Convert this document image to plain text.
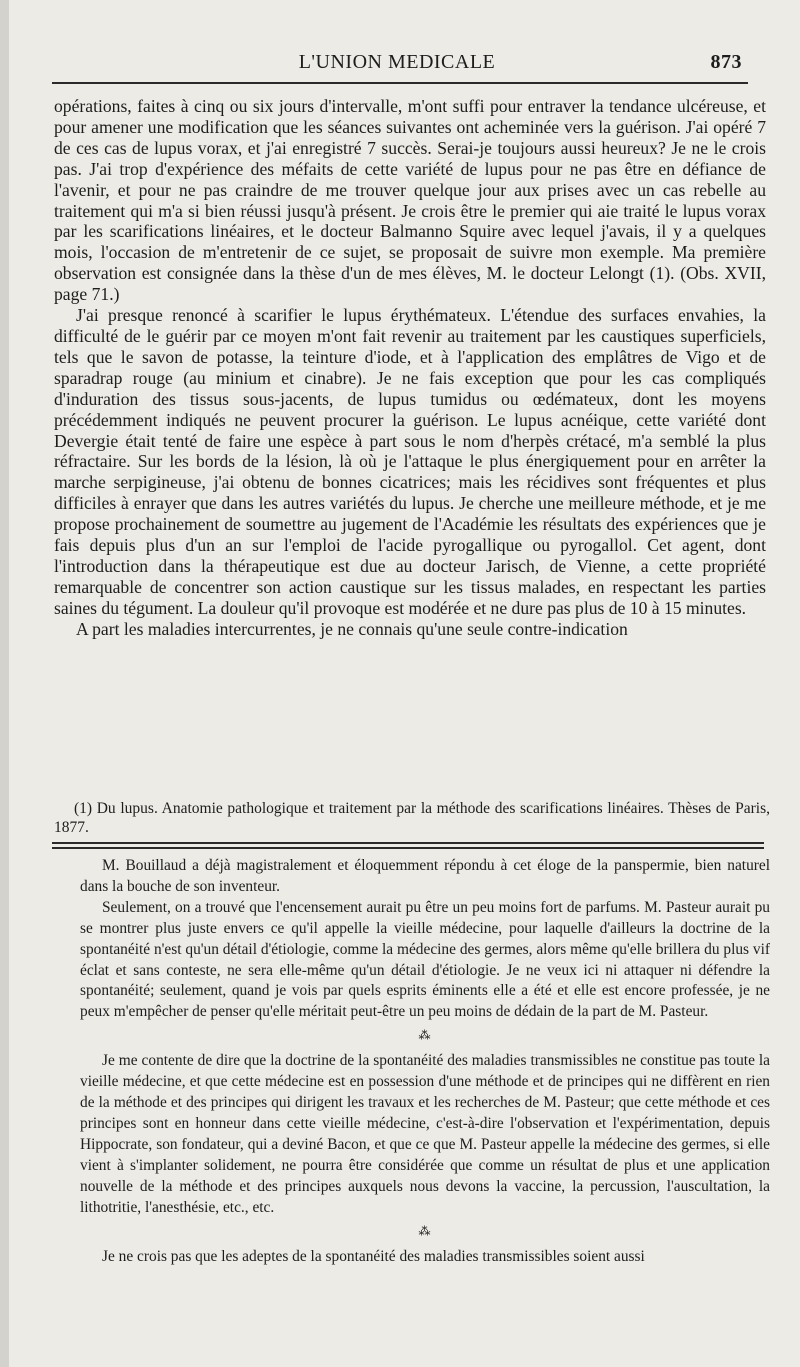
L'UNION MEDICALE	873

opérations, faites à cinq ou six jours d'intervalle, m'ont suffi pour entraver la tendance ulcéreuse, et pour amener une modification que les séances suivantes ont acheminée vers la guérison. J'ai opéré 7 de ces cas de lupus vorax, et j'ai enregistré 7 succès. Serai-je toujours aussi heureux? Je ne le crois pas. J'ai trop d'expérience des méfaits de cette variété de lupus pour ne pas être en défiance de l'avenir, et pour ne pas craindre de me trouver quelque jour aux prises avec un cas rebelle au traitement qui m'a si bien réussi jusqu'à présent. Je crois être le premier qui aie traité le lupus vorax par les scarifications linéaires, et le docteur Balmanno Squire avec lequel j'avais, il y a quelques mois, l'occasion de m'entretenir de ce sujet, se proposait de suivre mon exemple. Ma première observation est consignée dans la thèse d'un de mes élèves, M. le docteur Lelongt (1). (Obs. XVII, page 71.)

J'ai presque renoncé à scarifier le lupus érythémateux. L'étendue des surfaces envahies, la difficulté de le guérir par ce moyen m'ont fait revenir au traitement par les caustiques superficiels, tels que le savon de potasse, la teinture d'iode, et à l'application des emplâtres de Vigo et de sparadrap rouge (au minium et cinabre). Je ne fais exception que pour les cas compliqués d'induration des tissus sous-jacents, de lupus tumidus ou œdémateux, dont les moyens précédemment indiqués ne peuvent procurer la guérison. Le lupus acnéique, cette variété dont Devergie était tenté de faire une espèce à part sous le nom d'herpès crétacé, m'a semblé la plus réfractaire. Sur les bords de la lésion, là où je l'attaque le plus énergiquement pour en arrêter la marche serpigineuse, j'ai obtenu de bonnes cicatrices; mais les récidives sont fréquentes et plus difficiles à enrayer que dans les autres variétés du lupus. Je cherche une meilleure méthode, et je me propose prochainement de soumettre au jugement de l'Académie les résultats des expériences que je fais depuis plus d'un an sur l'emploi de l'acide pyrogallique ou pyrogallol. Cet agent, dont l'introduction dans la thérapeutique est due au docteur Jarisch, de Vienne, a cette propriété remarquable de concentrer son action caustique sur les tissus malades, en respectant les parties saines du tégument. La douleur qu'il provoque est modérée et ne dure pas plus de 10 à 15 minutes.

A part les maladies intercurrentes, je ne connais qu'une seule contre-indication

(1) Du lupus. Anatomie pathologique et traitement par la méthode des scarifications linéaires. Thèses de Paris, 1877.

M. Bouillaud a déjà magistralement et éloquemment répondu à cet éloge de la panspermie, bien naturel dans la bouche de son inventeur.

Seulement, on a trouvé que l'encensement aurait pu être un peu moins fort de parfums. M. Pasteur aurait pu se montrer plus juste envers ce qu'il appelle la vieille médecine, pour laquelle d'ailleurs la doctrine de la spontanéité n'est qu'un détail d'étiologie, comme la médecine des germes, alors même qu'elle brillera du plus vif éclat et sans conteste, ne sera elle-même qu'un détail d'étiologie. Je ne veux ici ni attaquer ni défendre la spontanéité; seulement, quand je vois par quels esprits éminents elle a été et elle est encore professée, je ne peux m'empêcher de penser qu'elle méritait peut-être un peu moins de dédain de la part de M. Pasteur.

⁂

Je me contente de dire que la doctrine de la spontanéité des maladies transmissibles ne constitue pas toute la vieille médecine, et que cette médecine est en possession d'une méthode et de principes qui ne diffèrent en rien de la méthode et des principes qui dirigent les travaux et les recherches de M. Pasteur; que cette méthode et ces principes sont en honneur dans cette vieille médecine, c'est-à-dire l'observation et l'expérimentation, depuis Hippocrate, son fondateur, qui a deviné Bacon, et que ce que M. Pasteur appelle la médecine des germes, si elle vient à s'implanter solidement, ne pourra être considérée que comme un résultat de plus et une application nouvelle de la méthode et des principes auxquels nous devons la vaccine, la percussion, l'auscultation, la lithotritie, l'anesthésie, etc., etc.

⁂

Je ne crois pas que les adeptes de la spontanéité des maladies transmissibles soient aussi
